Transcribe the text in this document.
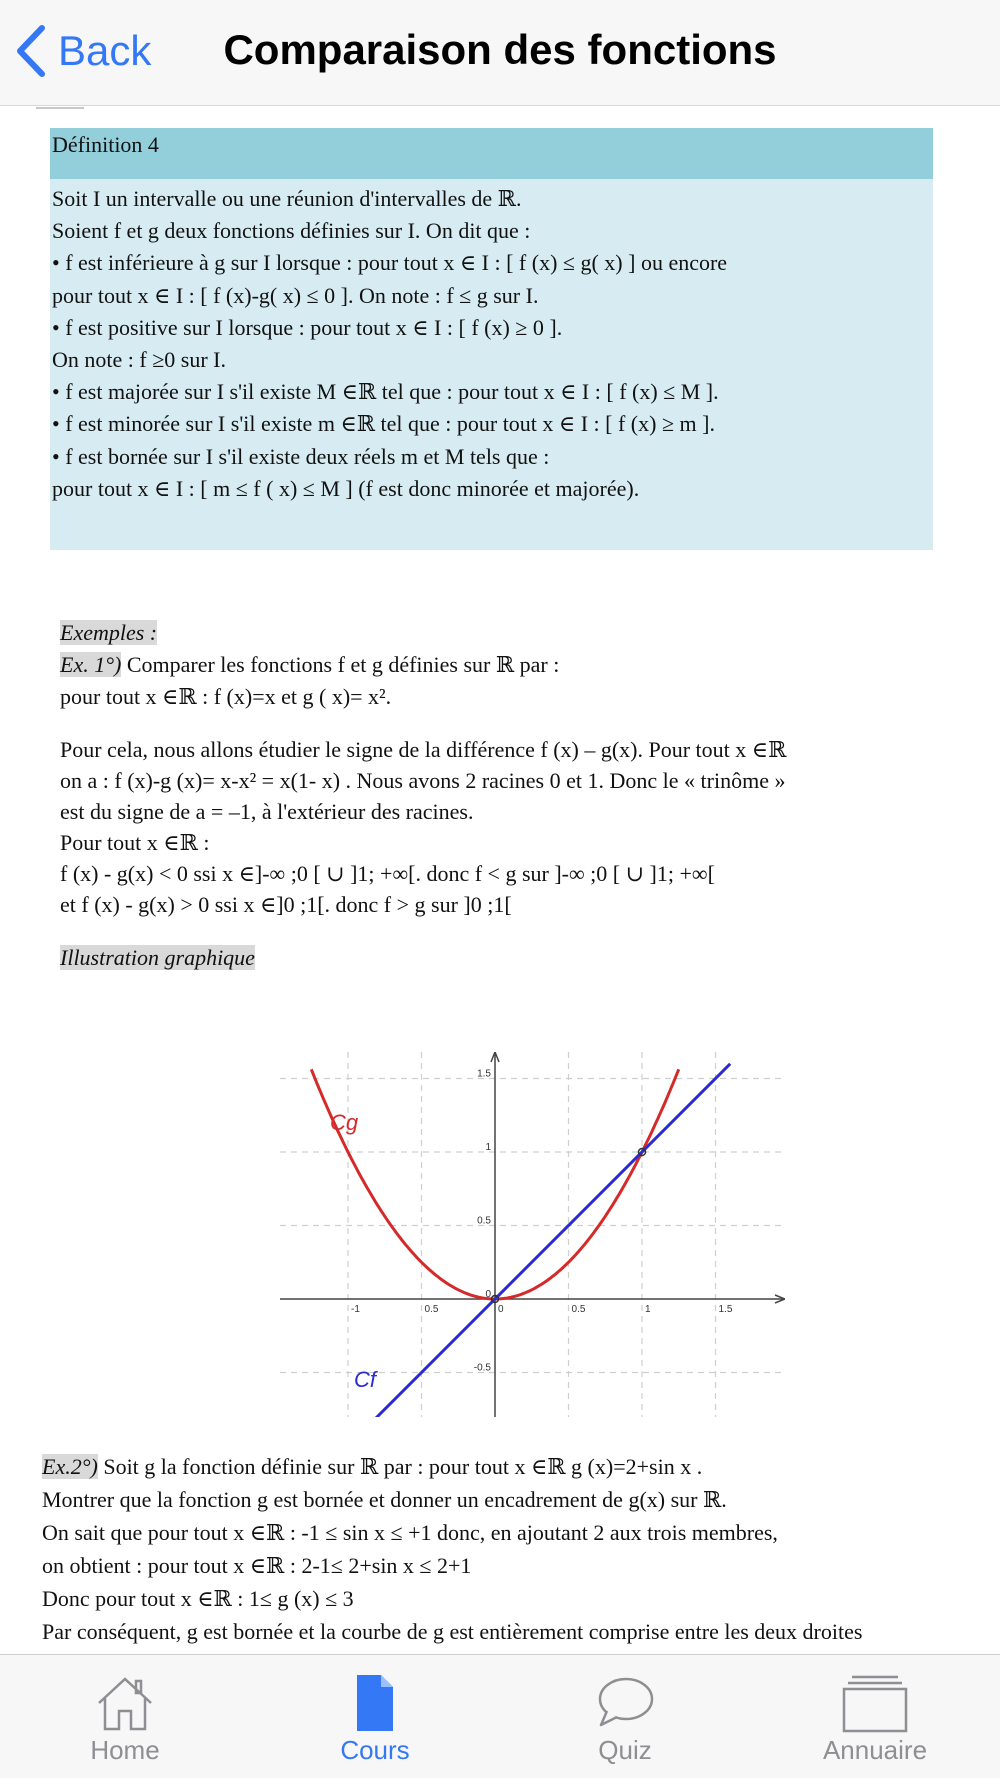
Back	Comparaison des fonctions
Définition 4

Soit I un intervalle ou une réunion d'intervalles de ℝ.

Soient f et g deux fonctions définies sur I. On dit que :

• f est inférieure à g sur I lorsque : pour tout x ∈ I : [ f (x) ≤ g( x) ] ou encore

pour tout x ∈ I : [ f (x)-g( x) ≤ 0 ]. On note : f ≤ g sur I.

• f est positive sur I lorsque : pour tout x ∈ I : [ f (x) ≥ 0 ].

On note : f ≥0 sur I.

• f est majorée sur I s'il existe M ∈ℝ tel que : pour tout x ∈ I : [ f (x) ≤ M ].

• f est minorée sur I s'il existe m ∈ℝ tel que : pour tout x ∈ I : [ f (x) ≥ m ].

• f est bornée sur I s'il existe deux réels m et M tels que :

pour tout x ∈ I : [ m ≤ f ( x) ≤ M ] (f est donc minorée et majorée).

Exemples :
Ex. 1°) Comparer les fonctions f et g définies sur ℝ par :
pour tout x ∈ℝ : f (x)=x et g ( x)= x².
Pour cela, nous allons étudier le signe de la différence f (x) – g(x). Pour tout x ∈ℝ
on a : f (x)-g (x)= x-x² = x(1- x) . Nous avons 2 racines 0 et 1. Donc le « trinôme »
est du signe de a = –1, à l'extérieur des racines.
Pour tout x ∈ℝ :
f (x) - g(x) < 0 ssi x ∈]-∞ ;0 [ ∪ ]1; +∞[. donc f < g sur ]-∞ ;0 [ ∪ ]1; +∞[
et f (x) - g(x) > 0 ssi x ∈]0 ;1[. donc f > g sur ]0 ;1[
Illustration graphique
-1	0.5	0	0.5	1	1.5
1.5
1
0.5
0
-0.5
Cg
Cf
Ex.2°) Soit g la fonction définie sur ℝ par : pour tout x ∈ℝ g (x)=2+sin x .
Montrer que la fonction g est bornée et donner un encadrement de g(x) sur ℝ.
On sait que pour tout x ∈ℝ : -1 ≤ sin x ≤ +1 donc, en ajoutant 2 aux trois membres,
on obtient : pour tout x ∈ℝ : 2-1≤ 2+sin x ≤ 2+1
Donc pour tout x ∈ℝ : 1≤ g (x) ≤ 3
Par conséquent, g est bornée et la courbe de g est entièrement comprise entre les deux droites
Home	Cours	Quiz	Annuaire
